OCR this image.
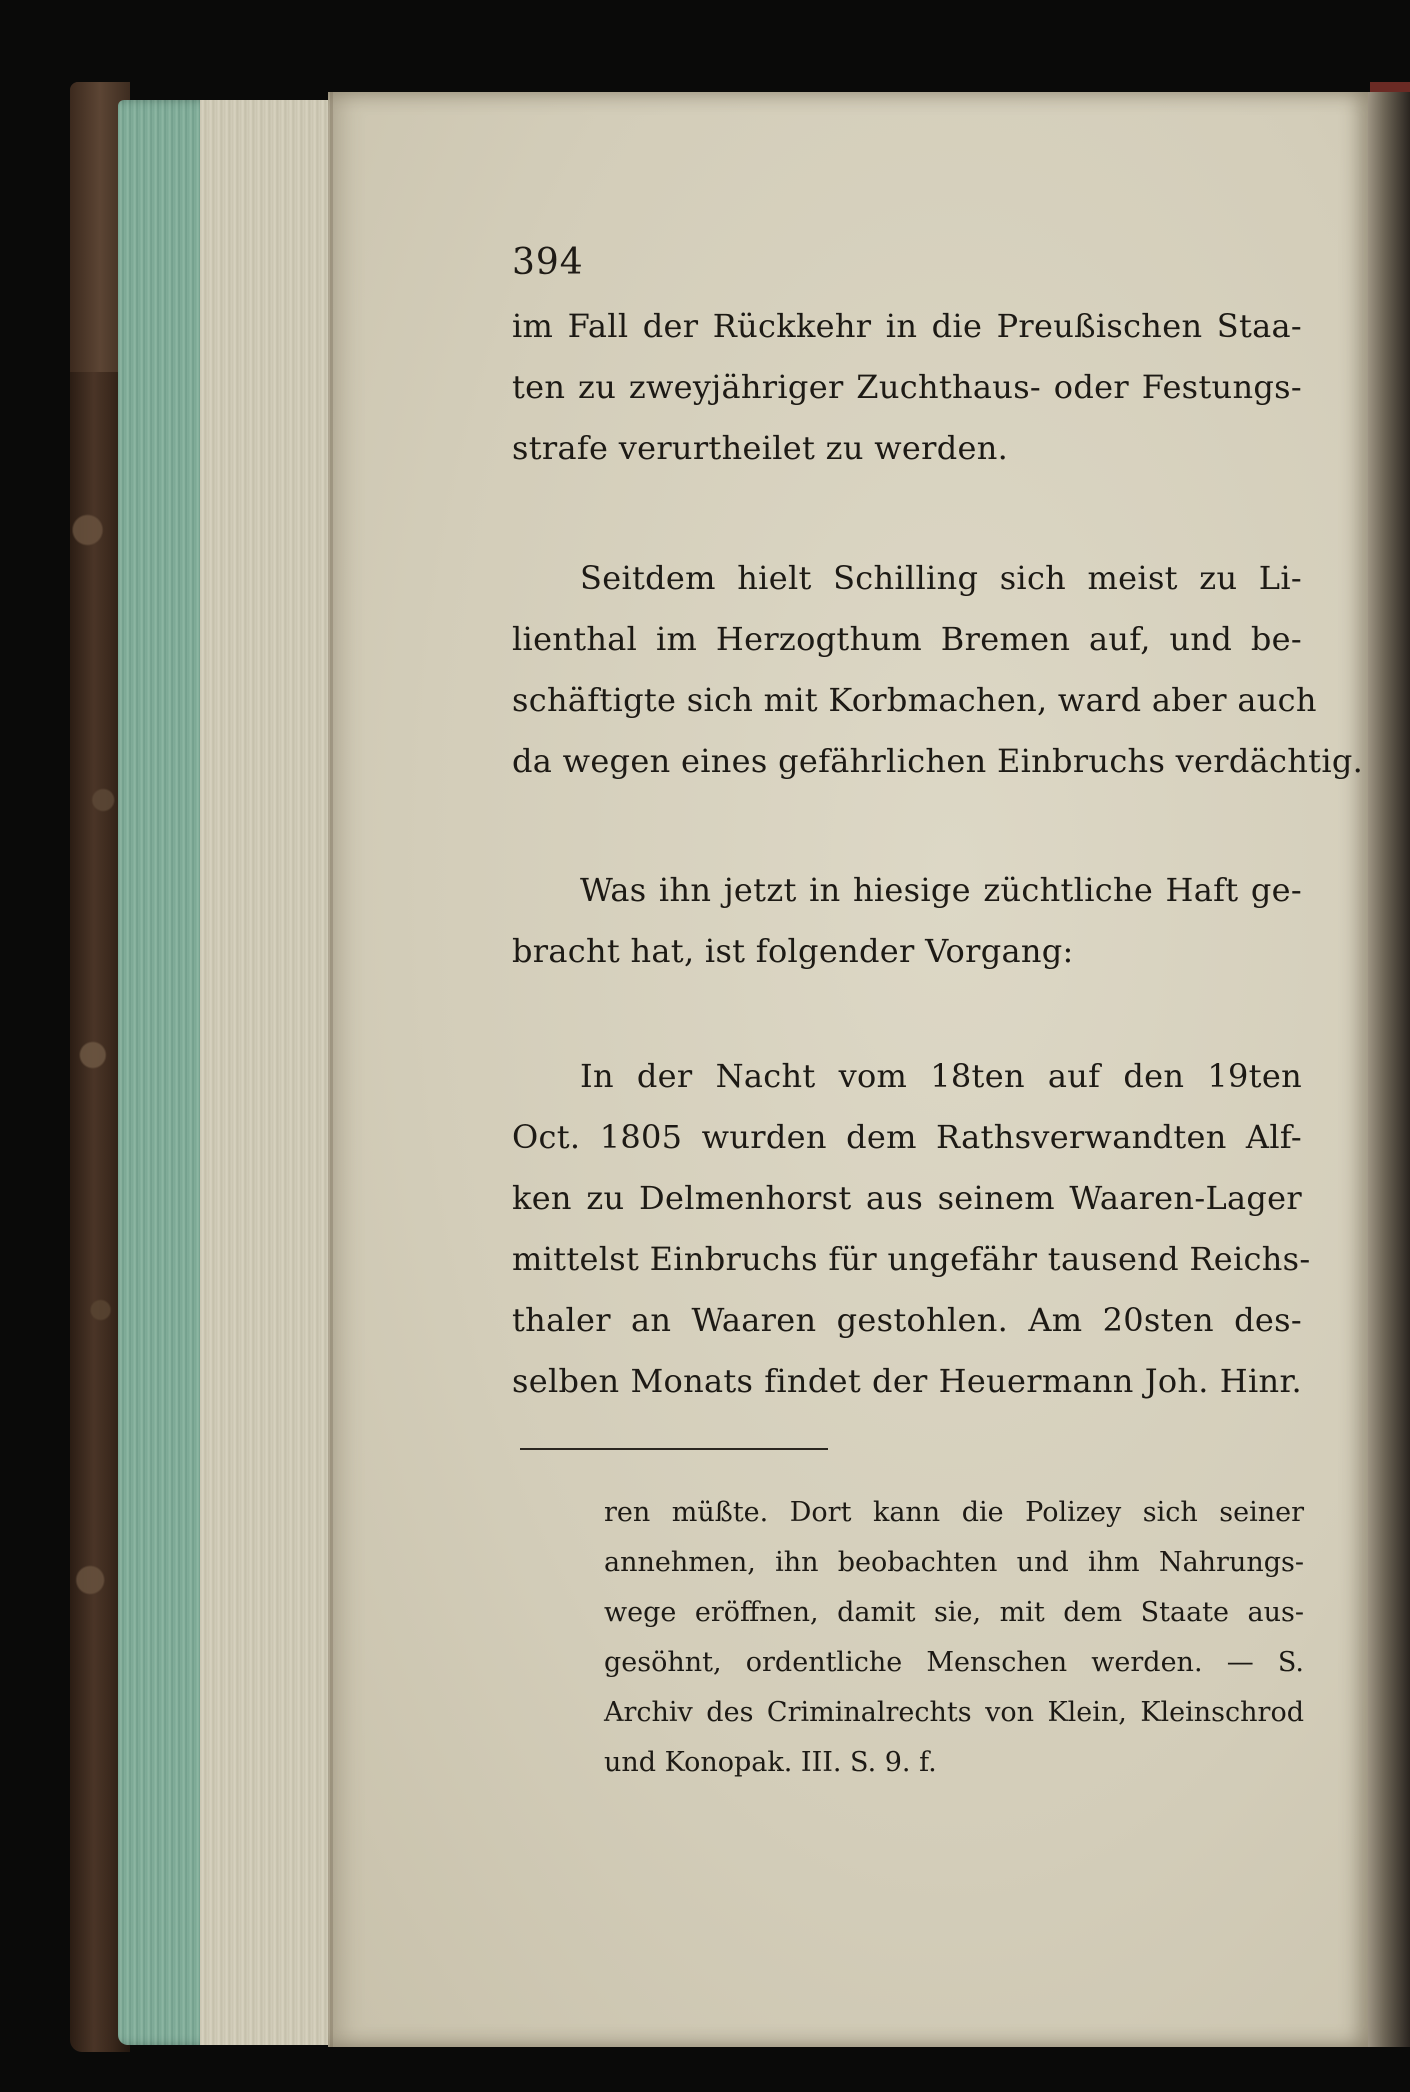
394
im Fall der Rückkehr in die Preußischen Staa-
ten zu zweyjähriger Zuchthaus- oder Festungs-
strafe verurtheilet zu werden.
Seitdem hielt Schilling sich meist zu Li-
lienthal im Herzogthum Bremen auf, und be-
schäftigte sich mit Korbmachen, ward aber auch
da wegen eines gefährlichen Einbruchs verdächtig.
Was ihn jetzt in hiesige züchtliche Haft ge-
bracht hat, ist folgender Vorgang:
In der Nacht vom 18ten auf den 19ten
Oct. 1805 wurden dem Rathsverwandten Alf-
ken zu Delmenhorst aus seinem Waaren-Lager
mittelst Einbruchs für ungefähr tausend Reichs-
thaler an Waaren gestohlen. Am 20sten des-
selben Monats findet der Heuermann Joh. Hinr.
ren müßte. Dort kann die Polizey sich seiner
annehmen, ihn beobachten und ihm Nahrungs-
wege eröffnen, damit sie, mit dem Staate aus-
gesöhnt, ordentliche Menschen werden. — S.
Archiv des Criminalrechts von Klein, Kleinschrod
und Konopak. III. S. 9. f.
